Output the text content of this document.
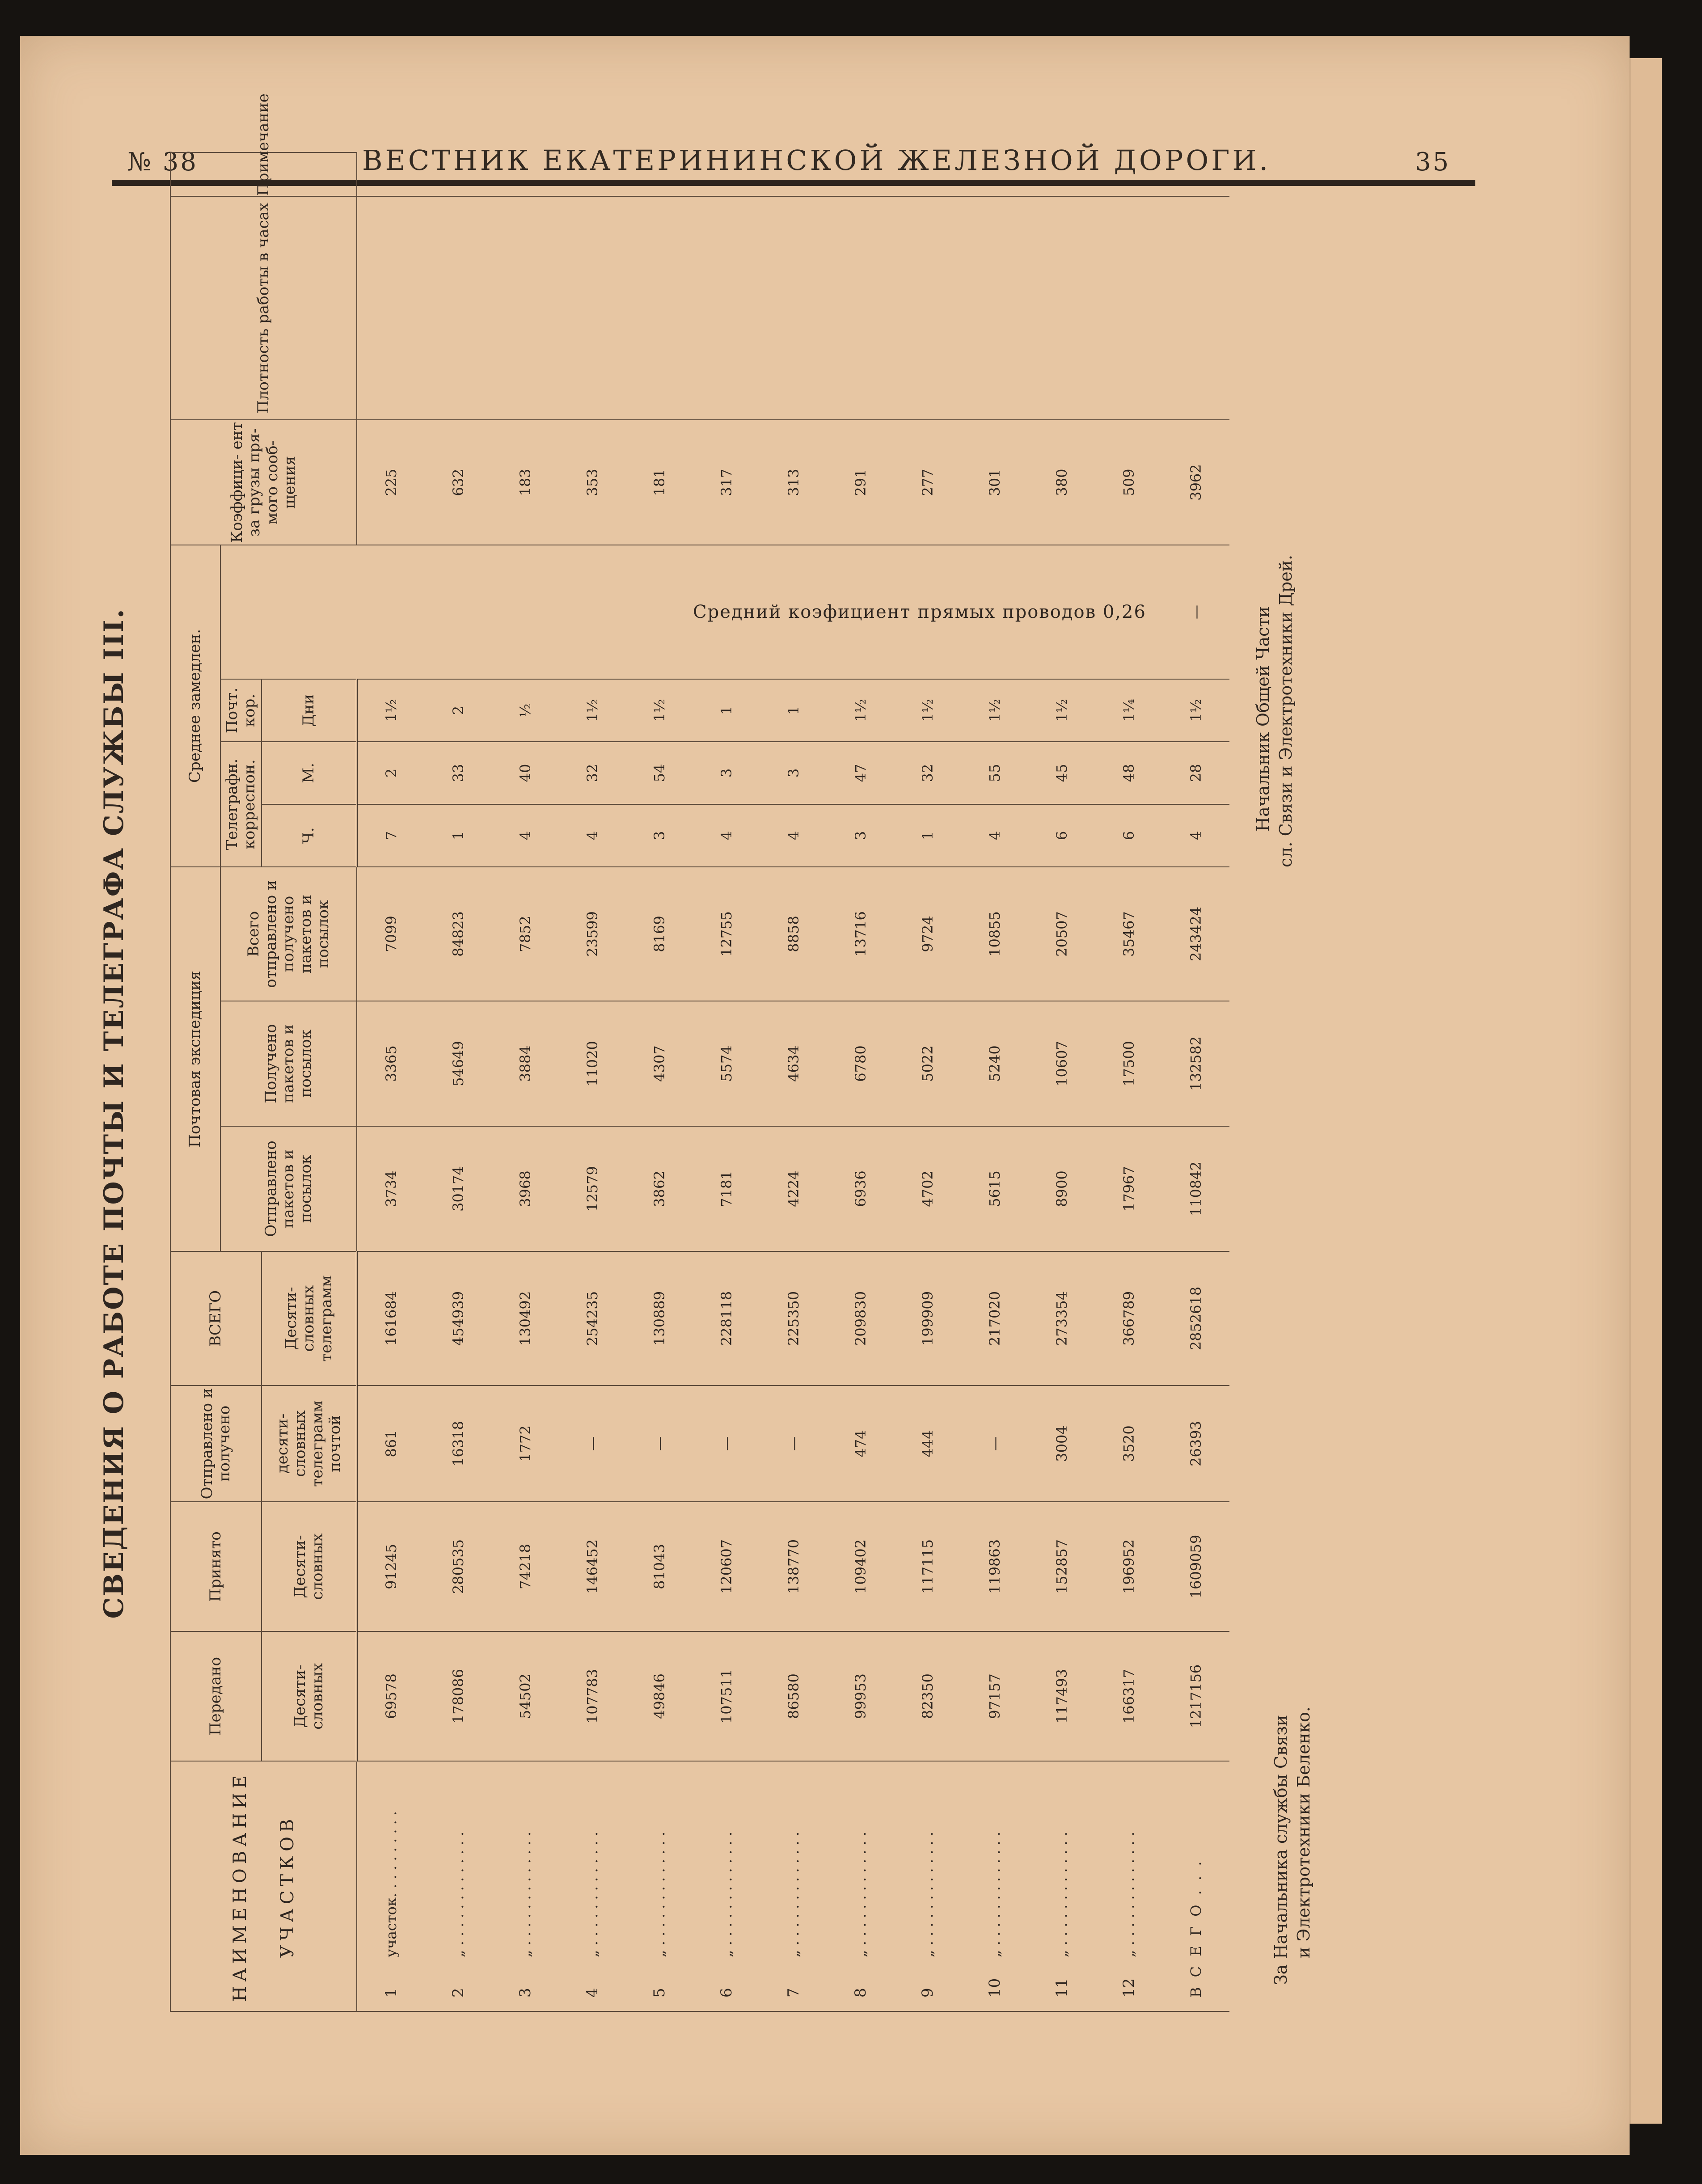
№ 38	ВЕСТНИК ЕКАТЕРИНИНСКОЙ ЖЕЛЕЗНОЙ ДОРОГИ.	35
СВЕДЕНИЯ О РАБОТЕ ПОЧТЫ И ТЕЛЕГРАФА СЛУЖБЫ III.
НАИМЕНОВАНИЕ УЧАСТКОВ	Передано	Принято	Отправлено и получено	ВСЕГО	Почтовая экспедиция			Среднее замедлен.				Коэффици- ент за грузы пря- мого сооб- щения	Плотность работы в часах	
					Отправлено пакетов и посылок	Получено пакетов и посылок	Всего отправлено и получено пакетов и посылок	Телеграфн. корреспон.		Почт. кор.				
	Десяти- словных	Десяти- словных	десяти- словных телеграмм почтой	Десяти- словных телеграмм				Ч.	М.	Дни				
1участок. . . . . . . . . .	69578	91245	861	161684	3734	3365	7099	7	2	1½	Средний коэфициент прямых проводов 0,26	225		
2„ . . . . . . . . . . . . .	178086	280535	16318	454939	30174	54649	84823	1	33	2		632		
3„ . . . . . . . . . . . . .	54502	74218	1772	130492	3968	3884	7852	4	40	½		183		
4„ . . . . . . . . . . . . .	107783	146452	—	254235	12579	11020	23599	4	32	1½		353		
5„ . . . . . . . . . . . . .	49846	81043	—	130889	3862	4307	8169	3	54	1½		181		
6„ . . . . . . . . . . . . .	107511	120607	—	228118	7181	5574	12755	4	3	1		317		
7„ . . . . . . . . . . . . .	86580	138770	—	225350	4224	4634	8858	4	3	1		313		
8„ . . . . . . . . . . . . .	99953	109402	474	209830	6936	6780	13716	3	47	1½		291		
9„ . . . . . . . . . . . . .	82350	117115	444	199909	4702	5022	9724	1	32	1½		277		
10„ . . . . . . . . . . . . .	97157	119863	—	217020	5615	5240	10855	4	55	1½		301		
11„ . . . . . . . . . . . . .	117493	152857	3004	273354	8900	10607	20507	6	45	1½		380		
12„ . . . . . . . . . . . . .	166317	196952	3520	366789	17967	17500	35467	6	48	1¼		509		
В С Е Г О . . .	1217156	1609059	26393	2852618	110842	132582	243424	4	28	1½	—	3962		
За Начальника службы Связи и Электротехники Беленко.
Начальник Общей Части сл. Связи и Электротехники Дрей.
